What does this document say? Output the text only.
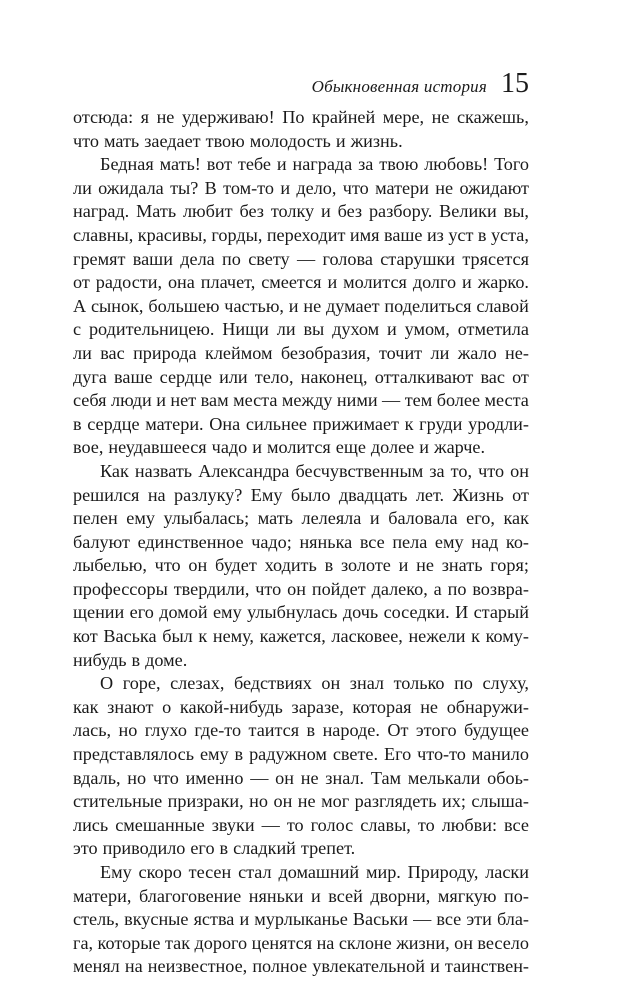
Обыкновенная история 15
отсюда: я не удерживаю! По крайней мере, не скажешь,
что мать заедает твою молодость и жизнь.
Бедная мать! вот тебе и награда за твою любовь! Того
ли ожидала ты? В том-то и дело, что матери не ожидают
наград. Мать любит без толку и без разбору. Велики вы,
славны, красивы, горды, переходит имя ваше из уст в уста,
гремят ваши дела по свету — голова старушки трясется
от радости, она плачет, смеется и молится долго и жарко.
А сынок, большею частью, и не думает поделиться славой
с родительницею. Нищи ли вы духом и умом, отметила
ли вас природа клеймом безобразия, точит ли жало не-
дуга ваше сердце или тело, наконец, отталкивают вас от
себя люди и нет вам места между ними — тем более места
в сердце матери. Она сильнее прижимает к груди уродли-
вое, неудавшееся чадо и молится еще долее и жарче.
Как назвать Александра бесчувственным за то, что он
решился на разлуку? Ему было двадцать лет. Жизнь от
пелен ему улыбалась; мать лелеяла и баловала его, как
балуют единственное чадо; нянька все пела ему над ко-
лыбелью, что он будет ходить в золоте и не знать горя;
профессоры твердили, что он пойдет далеко, а по возвра-
щении его домой ему улыбнулась дочь соседки. И старый
кот Васька был к нему, кажется, ласковее, нежели к кому-
нибудь в доме.
О горе, слезах, бедствиях он знал только по слуху,
как знают о какой-нибудь заразе, которая не обнаружи-
лась, но глухо где-то таится в народе. От этого будущее
представлялось ему в радужном свете. Его что-то манило
вдаль, но что именно — он не знал. Там мелькали обоь-
стительные призраки, но он не мог разглядеть их; слыша-
лись смешанные звуки — то голос славы, то любви: все
это приводило его в сладкий трепет.
Ему скоро тесен стал домашний мир. Природу, ласки
матери, благоговение няньки и всей дворни, мягкую по-
стель, вкусные яства и мурлыканье Васьки — все эти бла-
га, которые так дорого ценятся на склоне жизни, он весело
менял на неизвестное, полное увлекательной и таинствен-
